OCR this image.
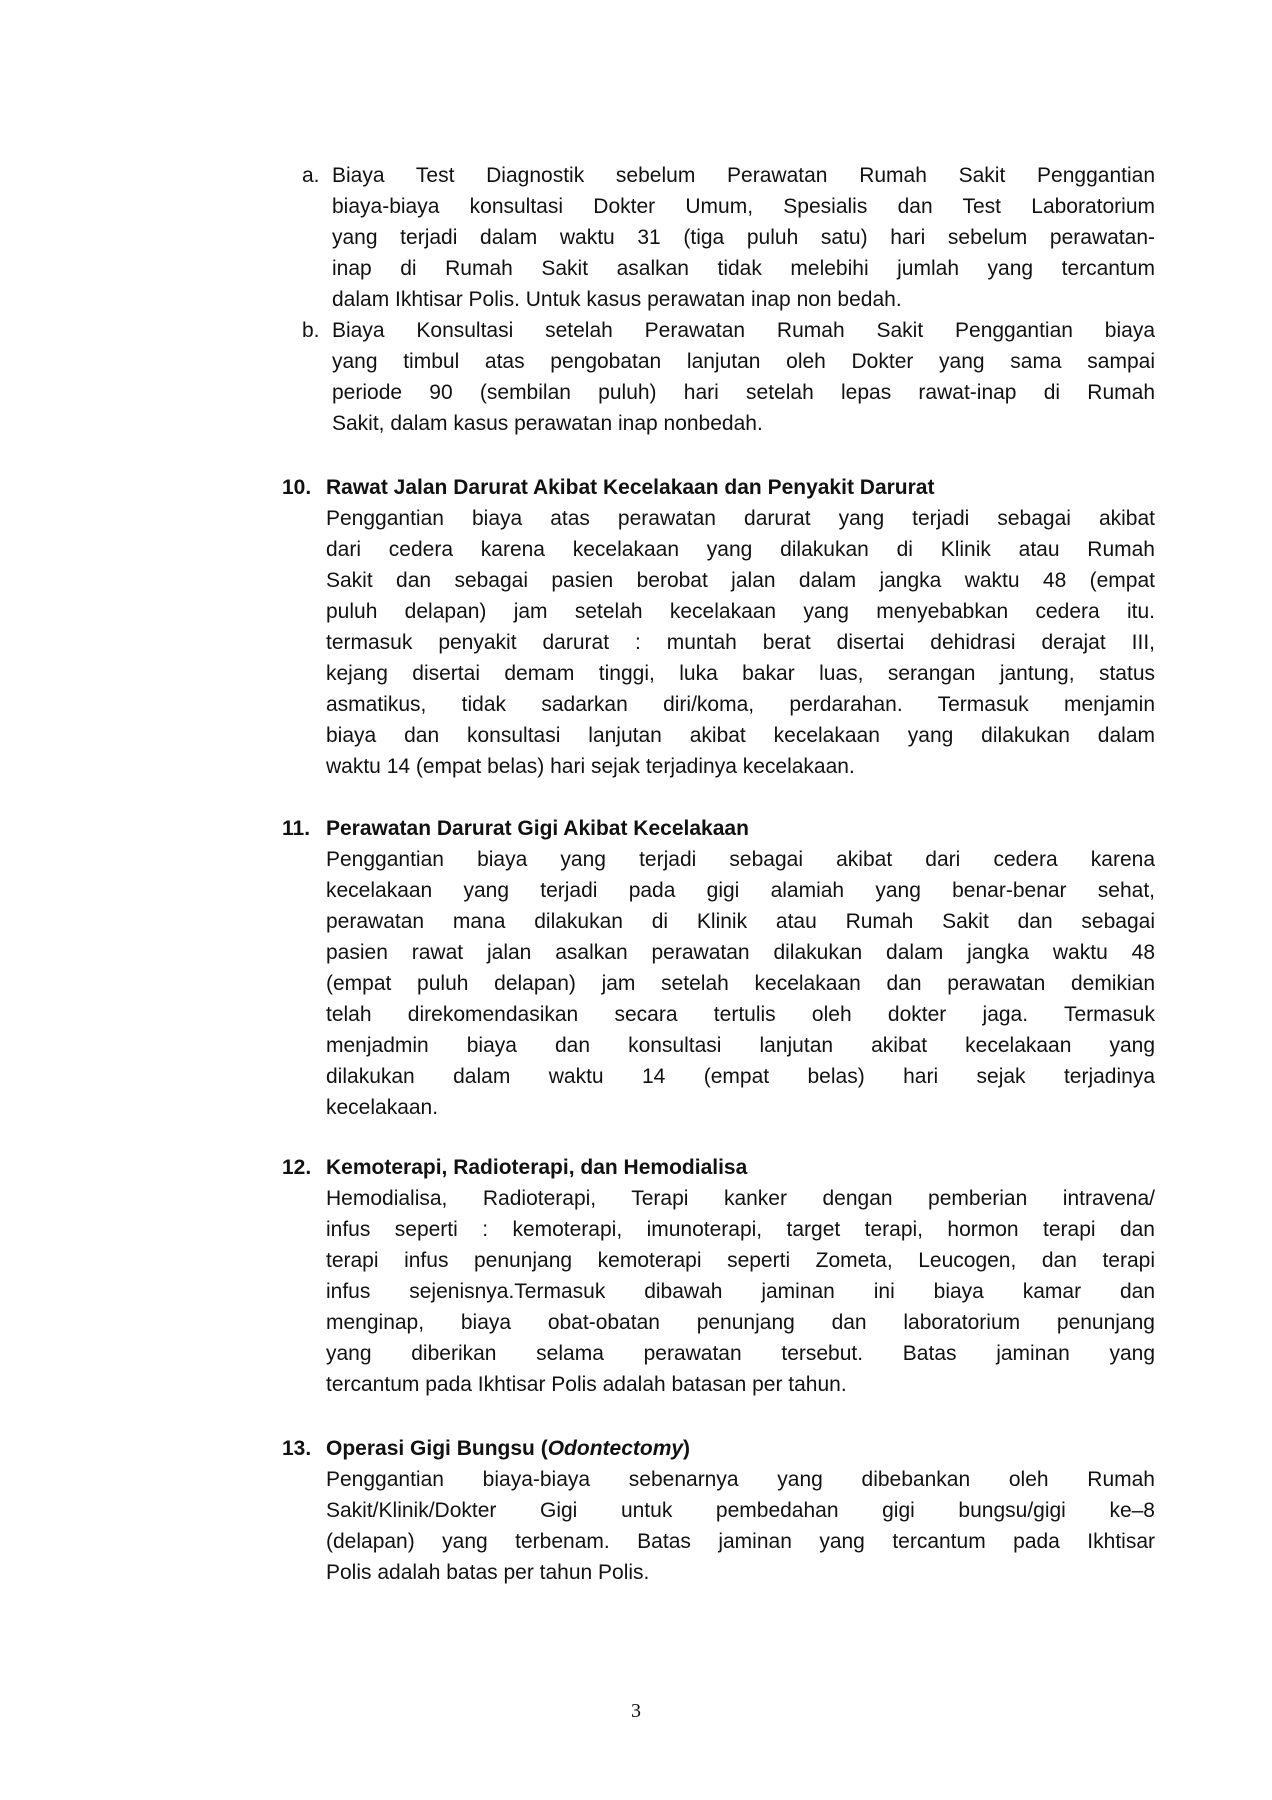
a. Biaya Test Diagnostik sebelum Perawatan Rumah Sakit Penggantian
biaya-biaya konsultasi Dokter Umum, Spesialis dan Test Laboratorium
yang terjadi dalam waktu 31 (tiga puluh satu) hari sebelum perawatan-
inap di Rumah Sakit asalkan tidak melebihi jumlah yang tercantum
dalam Ikhtisar Polis. Untuk kasus perawatan inap non bedah.
b. Biaya Konsultasi setelah Perawatan Rumah Sakit Penggantian biaya
yang timbul atas pengobatan lanjutan oleh Dokter yang sama sampai
periode 90 (sembilan puluh) hari setelah lepas rawat-inap di Rumah
Sakit, dalam kasus perawatan inap nonbedah.
10. Rawat Jalan Darurat Akibat Kecelakaan dan Penyakit Darurat
Penggantian biaya atas perawatan darurat yang terjadi sebagai akibat
dari cedera karena kecelakaan yang dilakukan di Klinik atau Rumah
Sakit dan sebagai pasien berobat jalan dalam jangka waktu 48 (empat
puluh delapan) jam setelah kecelakaan yang menyebabkan cedera itu.
termasuk penyakit darurat : muntah berat disertai dehidrasi derajat III,
kejang disertai demam tinggi, luka bakar luas, serangan jantung, status
asmatikus, tidak sadarkan diri/koma, perdarahan. Termasuk menjamin
biaya dan konsultasi lanjutan akibat kecelakaan yang dilakukan dalam
waktu 14 (empat belas) hari sejak terjadinya kecelakaan.
11. Perawatan Darurat Gigi Akibat Kecelakaan
Penggantian biaya yang terjadi sebagai akibat dari cedera karena
kecelakaan yang terjadi pada gigi alamiah yang benar-benar sehat,
perawatan mana dilakukan di Klinik atau Rumah Sakit dan sebagai
pasien rawat jalan asalkan perawatan dilakukan dalam jangka waktu 48
(empat puluh delapan) jam setelah kecelakaan dan perawatan demikian
telah direkomendasikan secara tertulis oleh dokter jaga. Termasuk
menjadmin biaya dan konsultasi lanjutan akibat kecelakaan yang
dilakukan dalam waktu 14 (empat belas) hari sejak terjadinya
kecelakaan.
12. Kemoterapi, Radioterapi, dan Hemodialisa
Hemodialisa, Radioterapi, Terapi kanker dengan pemberian intravena/
infus seperti : kemoterapi, imunoterapi, target terapi, hormon terapi dan
terapi infus penunjang kemoterapi seperti Zometa, Leucogen, dan terapi
infus sejenisnya.Termasuk dibawah jaminan ini biaya kamar dan
menginap, biaya obat-obatan penunjang dan laboratorium penunjang
yang diberikan selama perawatan tersebut. Batas jaminan yang
tercantum pada Ikhtisar Polis adalah batasan per tahun.
13. Operasi Gigi Bungsu (Odontectomy)
Penggantian biaya-biaya sebenarnya yang dibebankan oleh Rumah
Sakit/Klinik/Dokter Gigi untuk pembedahan gigi bungsu/gigi ke–8
(delapan) yang terbenam. Batas jaminan yang tercantum pada Ikhtisar
Polis adalah batas per tahun Polis.
3
